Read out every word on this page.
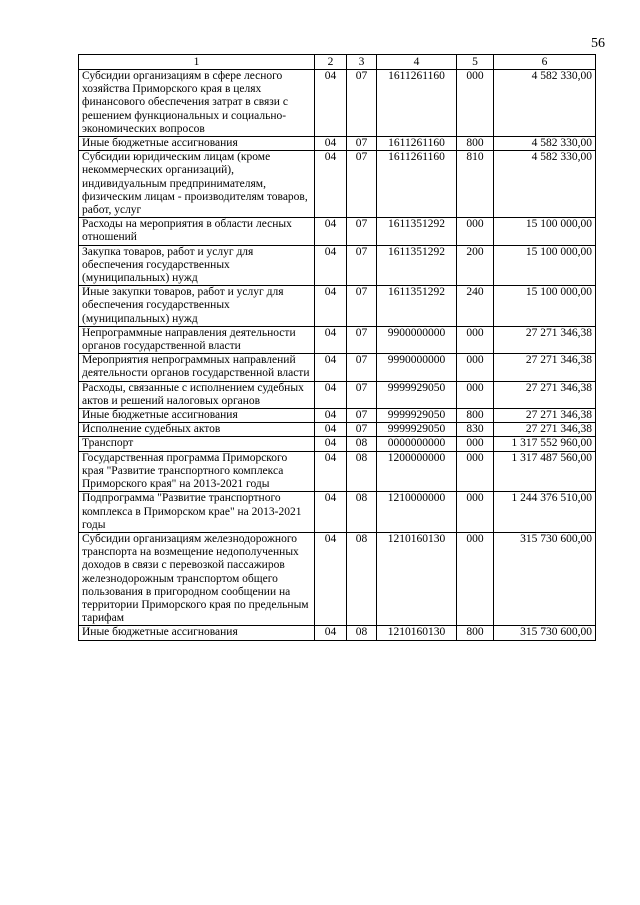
56
1	2	3	4	5	6
Субсидии организациям в сфере лесного хозяйства Приморского края в целях финансового обеспечения затрат в связи с решением функциональных и социально-экономических вопросов	04	07	1611261160	000	4 582 330,00
Иные бюджетные ассигнования	04	07	1611261160	800	4 582 330,00
Субсидии юридическим лицам (кроме некоммерческих организаций), индивидуальным предпринимателям, физическим лицам - производителям товаров, работ, услуг	04	07	1611261160	810	4 582 330,00
Расходы на мероприятия в области лесных отношений	04	07	1611351292	000	15 100 000,00
Закупка товаров, работ и услуг для обеспечения государственных (муниципальных) нужд	04	07	1611351292	200	15 100 000,00
Иные закупки товаров, работ и услуг для обеспечения государственных (муниципальных) нужд	04	07	1611351292	240	15 100 000,00
Непрограммные направления деятельности органов государственной власти	04	07	9900000000	000	27 271 346,38
Мероприятия непрограммных направлений деятельности органов государственной власти	04	07	9990000000	000	27 271 346,38
Расходы, связанные с исполнением судебных актов и решений налоговых органов	04	07	9999929050	000	27 271 346,38
Иные бюджетные ассигнования	04	07	9999929050	800	27 271 346,38
Исполнение судебных актов	04	07	9999929050	830	27 271 346,38
Транспорт	04	08	0000000000	000	1 317 552 960,00
Государственная программа Приморского края "Развитие транспортного комплекса Приморского края" на 2013-2021 годы	04	08	1200000000	000	1 317 487 560,00
Подпрограмма "Развитие транспортного комплекса в Приморском крае" на 2013-2021 годы	04	08	1210000000	000	1 244 376 510,00
Субсидии организациям железнодорожного транспорта на возмещение недополученных доходов в связи с перевозкой пассажиров железнодорожным транспортом общего пользования в пригородном сообщении на территории Приморского края по предельным тарифам	04	08	1210160130	000	315 730 600,00
Иные бюджетные ассигнования	04	08	1210160130	800	315 730 600,00
